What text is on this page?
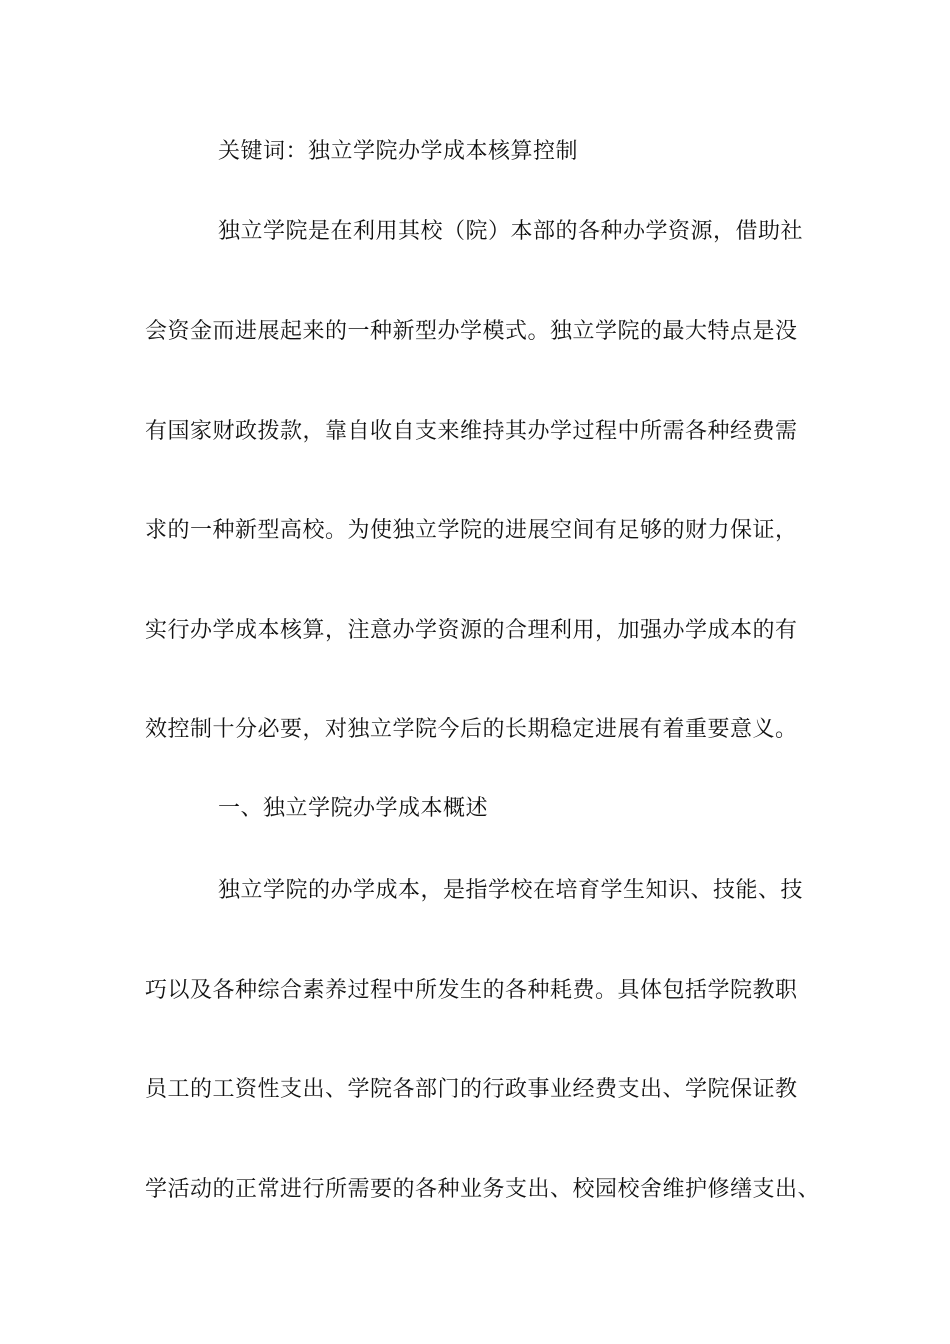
关键词：独立学院办学成本核算控制
独立学院是在利用其校（院）本部的各种办学资源，借助社
会资金而进展起来的一种新型办学模式。独立学院的最大特点是没
有国家财政拨款，靠自收自支来维持其办学过程中所需各种经费需
求的一种新型高校。为使独立学院的进展空间有足够的财力保证，
实行办学成本核算，注意办学资源的合理利用，加强办学成本的有
效控制十分必要，对独立学院今后的长期稳定进展有着重要意义。
一、独立学院办学成本概述
独立学院的办学成本，是指学校在培育学生知识、技能、技
巧以及各种综合素养过程中所发生的各种耗费。具体包括学院教职
员工的工资性支出、学院各部门的行政事业经费支出、学院保证教
学活动的正常进行所需要的各种业务支出、校园校舍维护修缮支出、
